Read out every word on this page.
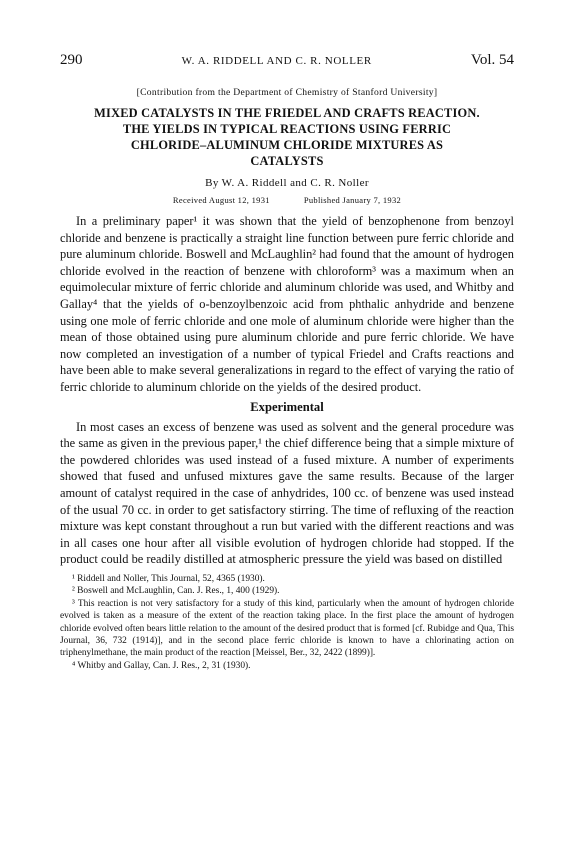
290	W. A. RIDDELL AND C. R. NOLLER	Vol. 54
[Contribution from the Department of Chemistry of Stanford University]
MIXED CATALYSTS IN THE FRIEDEL AND CRAFTS REACTION.
THE YIELDS IN TYPICAL REACTIONS USING FERRIC
CHLORIDE–ALUMINUM CHLORIDE MIXTURES AS
CATALYSTS
By W. A. Riddell and C. R. Noller
Received August 12, 1931	Published January 7, 1932

In a preliminary paper¹ it was shown that the yield of benzophenone from benzoyl chloride and benzene is practically a straight line function between pure ferric chloride and pure aluminum chloride. Boswell and McLaughlin² had found that the amount of hydrogen chloride evolved in the reaction of benzene with chloroform³ was a maximum when an equimolecular mixture of ferric chloride and aluminum chloride was used, and Whitby and Gallay⁴ that the yields of o-benzoylbenzoic acid from phthalic anhydride and benzene using one mole of ferric chloride and one mole of aluminum chloride were higher than the mean of those obtained using pure aluminum chloride and pure ferric chloride. We have now completed an investigation of a number of typical Friedel and Crafts reactions and have been able to make several generalizations in regard to the effect of varying the ratio of ferric chloride to aluminum chloride on the yields of the desired product.

Experimental

In most cases an excess of benzene was used as solvent and the general procedure was the same as given in the previous paper,¹ the chief difference being that a simple mixture of the powdered chlorides was used instead of a fused mixture. A number of experiments showed that fused and unfused mixtures gave the same results. Because of the larger amount of catalyst required in the case of anhydrides, 100 cc. of benzene was used instead of the usual 70 cc. in order to get satisfactory stirring. The time of refluxing of the reaction mixture was kept constant throughout a run but varied with the different reactions and was in all cases one hour after all visible evolution of hydrogen chloride had stopped. If the product could be readily distilled at atmospheric pressure the yield was based on distilled

¹ Riddell and Noller, This Journal, 52, 4365 (1930).

² Boswell and McLaughlin, Can. J. Res., 1, 400 (1929).

³ This reaction is not very satisfactory for a study of this kind, particularly when the amount of hydrogen chloride evolved is taken as a measure of the extent of the reaction taking place. In the first place the amount of hydrogen chloride evolved often bears little relation to the amount of the desired product that is formed [cf. Rubidge and Qua, This Journal, 36, 732 (1914)], and in the second place ferric chloride is known to have a chlorinating action on triphenylmethane, the main product of the reaction [Meissel, Ber., 32, 2422 (1899)].

⁴ Whitby and Gallay, Can. J. Res., 2, 31 (1930).
